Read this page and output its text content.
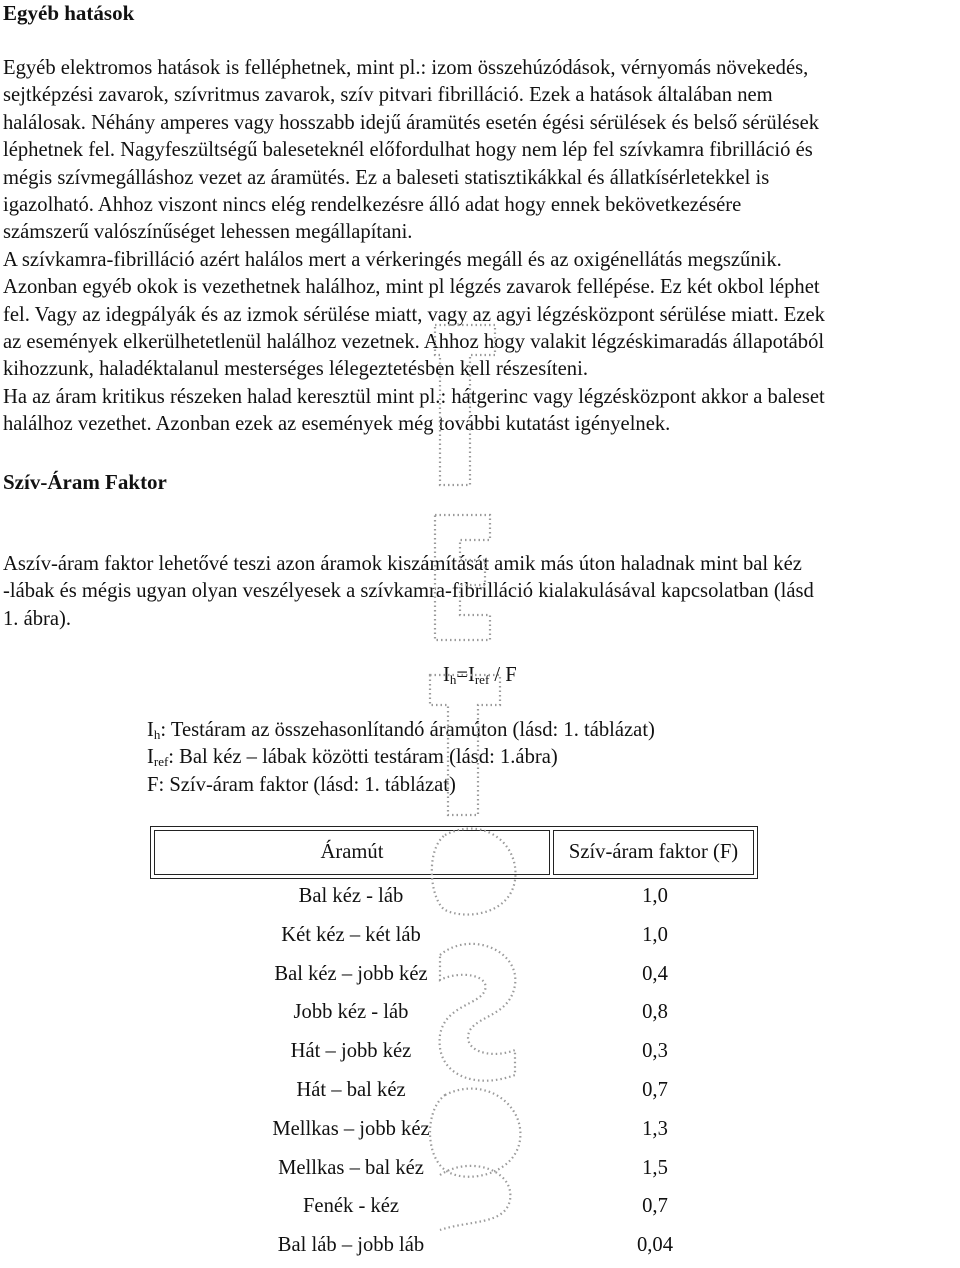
Egyéb hatások
Egyéb elektromos hatások is felléphetnek, mint pl.: izom összehúzódások, vérnyomás növekedés,
sejtképzési zavarok, szívritmus zavarok, szív pitvari fibrilláció. Ezek a hatások általában nem
halálosak. Néhány amperes vagy hosszabb idejű áramütés esetén égési sérülések és belső sérülések
léphetnek fel. Nagyfeszültségű baleseteknél előfordulhat hogy nem lép fel szívkamra fibrilláció és
mégis szívmegálláshoz vezet az áramütés. Ez a baleseti statisztikákkal és állatkísérletekkel is
igazolható. Ahhoz viszont nincs elég rendelkezésre álló adat hogy ennek bekövetkezésére
számszerű valószínűséget lehessen megállapítani.
A szívkamra-fibrilláció azért halálos mert a vérkeringés megáll és az oxigénellátás megszűnik.
Azonban egyéb okok is vezethetnek halálhoz, mint pl légzés zavarok fellépése. Ez két okbol léphet
fel. Vagy az idegpályák és az izmok sérülése miatt, vagy az agyi légzésközpont sérülése miatt. Ezek
az események elkerülhetetlenül halálhoz vezetnek. Ahhoz hogy valakit légzéskimaradás állapotából
kihozzunk, haladéktalanul mesterséges lélegeztetésben kell részesíteni.
Ha az áram kritikus részeken halad keresztül mint pl.: hátgerinc vagy légzésközpont akkor a baleset
halálhoz vezethet. Azonban ezek az események még további kutatást igényelnek.
Szív-Áram Faktor
Aszív-áram faktor lehetővé teszi azon áramok kiszámítását amik más úton haladnak mint bal kéz
-lábak és mégis ugyan olyan veszélyesek a szívkamra-fibrilláció kialakulásával kapcsolatban (lásd
1. ábra).
$I_h=I_{ref} / F$
$I_h$: Testáram az összehasonlítandó áramúton (lásd: 1. táblázat)
$I_{ref}$: Bal kéz – lábak közötti testáram (lásd: 1.ábra)
F: Szív-áram faktor (lásd: 1. táblázat)
Áramút	Szív-áram faktor (F)
Bal kéz - láb	1,0
Két kéz – két láb	1,0
Bal kéz – jobb kéz	0,4
Jobb kéz - láb	0,8
Hát – jobb kéz	0,3
Hát – bal kéz	0,7
Mellkas – jobb kéz	1,3
Mellkas – bal kéz	1,5
Fenék - kéz	0,7
Bal láb – jobb láb	0,04
